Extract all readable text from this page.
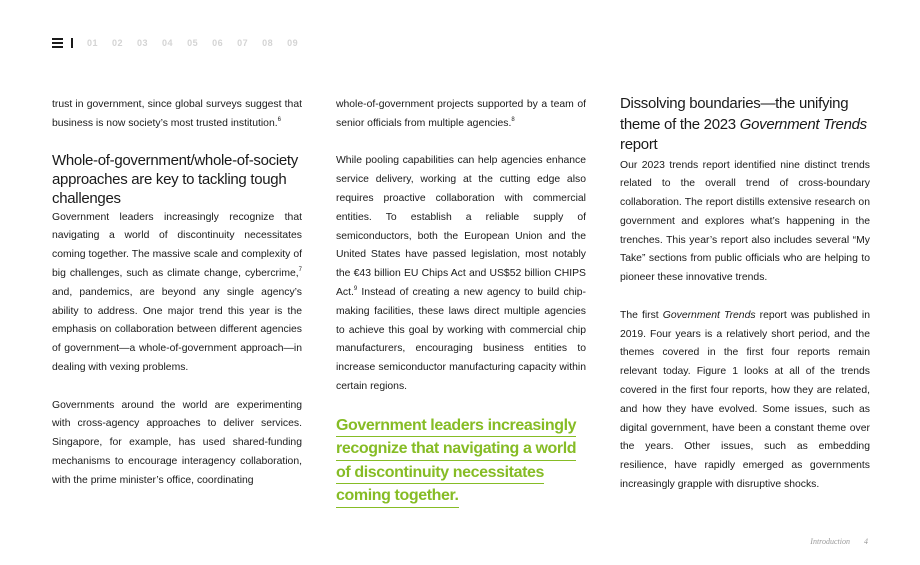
01 02 03 04 05 06 07 08 09

trust in government, since global surveys suggest that business is now society’s most trusted institution.$^6$

Whole-of-government/whole-of-society approaches are key to tackling tough challenges

Government leaders increasingly recognize that navigating a world of discontinuity necessitates coming together. The massive scale and complexity of big challenges, such as climate change, cybercrime,$^7$ and, pandemics, are beyond any single agency’s ability to address. One major trend this year is the emphasis on collaboration between different agencies of government—a whole-of-government approach—in dealing with vexing problems.

Governments around the world are experimenting with cross-agency approaches to deliver services. Singapore, for example, has used shared-funding mechanisms to encourage interagency collaboration, with the prime minister’s office, coordinating

whole-of-government projects supported by a team of senior officials from multiple agencies.$^8$

While pooling capabilities can help agencies enhance service delivery, working at the cutting edge also requires proactive collaboration with commercial entities. To establish a reliable supply of semiconductors, both the European Union and the United States have passed legislation, most notably the €43 billion EU Chips Act and US$52 billion CHIPS Act.$^9$ Instead of creating a new agency to build chip-making facilities, these laws direct multiple agencies to achieve this goal by working with commercial chip manufacturers, encouraging business entities to increase semiconductor manufacturing capacity within certain regions.

Government leaders increasingly
recognize that navigating a world
of discontinuity necessitates
coming together.
Dissolving boundaries—the unifying theme of the 2023 Government Trends report

Our 2023 trends report identified nine distinct trends related to the overall trend of cross-boundary collaboration. The report distills extensive research on government and explores what’s happening in the trenches. This year’s report also includes several “My Take” sections from public officials who are helping to pioneer these innovative trends.

The first Government Trends report was published in 2019. Four years is a relatively short period, and the themes covered in the first four reports remain relevant today. Figure 1 looks at all of the trends covered in the first four reports, how they are related, and how they have evolved. Some issues, such as digital government, have been a constant theme over the years. Other issues, such as embedding resilience, have rapidly emerged as governments increasingly grapple with disruptive shocks.

Introduction 4
